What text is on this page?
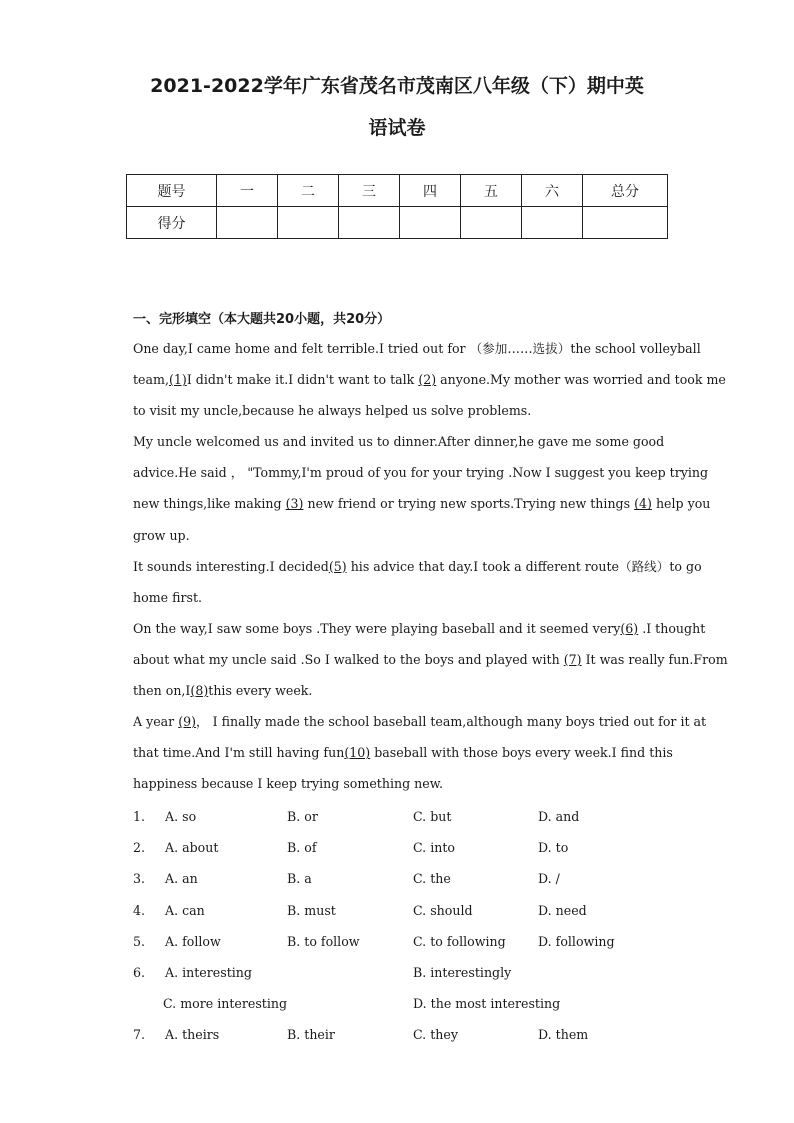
2021-2022学年广东省茂名市茂南区八年级（下）期中英
语试卷
题号	一	二	三	四	五	六	总分
得分							
一、完形填空（本大题共20小题，共20分）
One day,I came home and felt terrible.I tried out for （参加……选拔）the school volleyball
team,(1)I didn't make it.I didn't want to talk (2) anyone.My mother was worried and took me
to visit my uncle,because he always helped us solve problems.
My uncle welcomed us and invited us to dinner.After dinner,he gave me some good
advice.He said ， "Tommy,I'm proud of you for your trying .Now I suggest you keep trying
new things,like making (3) new friend or trying new sports.Trying new things (4) help you
grow up.
It sounds interesting.I decided(5) his advice that day.I took a different route（路线）to go
home first.
On the way,I saw some boys .They were playing baseball and it seemed very(6) .I thought
about what my uncle said .So I walked to the boys and played with (7) It was really fun.From
then on,I(8)this every week.
A year (9)， I finally made the school baseball team,although many boys tried out for it at
that time.And I'm still having fun(10) baseball with those boys every week.I find this
happiness because I keep trying something new.
1. A. so	B. or	C. but	D. and
2. A. about	B. of	C. into	D. to
3. A. an	B. a	C. the	D. /
4. A. can	B. must	C. should	D. need
5. A. follow	B. to follow	C. to following	D. following
6. A. interesting	B. interestingly
C. more interesting	D. the most interesting
7. A. theirs	B. their	C. they	D. them
